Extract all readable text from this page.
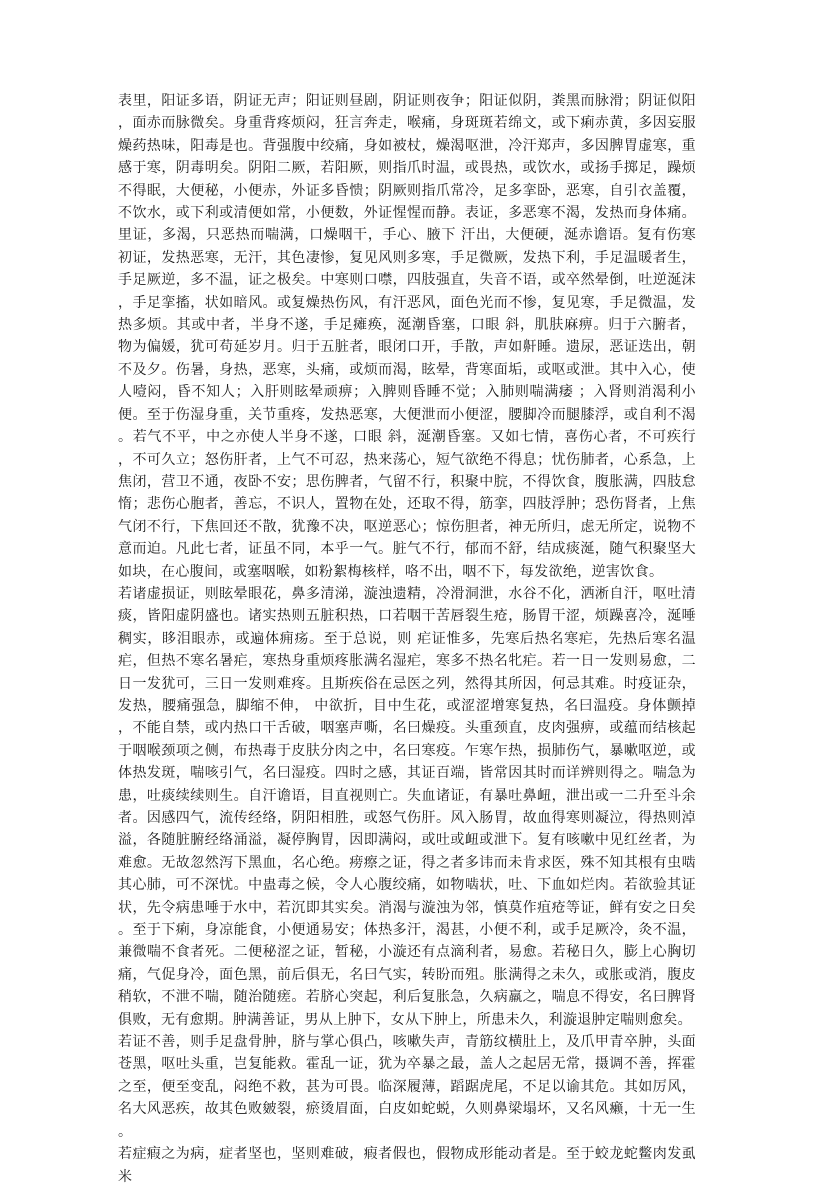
表里，阳证多语，阴证无声；阳证则昼剧，阴证则夜争；阳证似阴，粪黑而脉滑；阴证似阳，面赤而脉微矣。身重背疼烦闷，狂言奔走，喉痛，身斑斑若绵文，或下痢赤黄，多因妄服燥药热味，阳毒是也。背强腹中绞痛，身如被杖，燥渴呕泄，冷汗郑声，多因脾胃虚寒，重感于寒，阴毒明矣。阴阳二厥，若阳厥，则指爪时温，或畏热，或饮水，或扬手掷足，躁烦不得眠，大便秘，小便赤，外证多昏愦；阴厥则指爪常冷，足多挛卧，恶寒，自引衣盖覆，不饮水，或下利或清便如常，小便数，外证惺惺而静。表证，多恶寒不渴，发热而身体痛。里证，多渴，只恶热而喘满，口燥咽干，手心、腋下 汗出，大便硬，涎赤谵语。复有伤寒初证，发热恶寒，无汗，其色凄惨，复见风则多寒，手足微厥，发热下利，手足温暖者生，手足厥逆，多不温，证之极矣。中寒则口噤，四肢强直，失音不语，或卒然晕倒，吐逆涎沫，手足挛搐，状如暗风。或复燥热伤风，有汗恶风，面色光而不惨，复见寒，手足微温，发热多烦。其或中者，半身不遂，手足瘫痪，涎潮昏塞，口眼 斜，肌肤麻痹。归于六腑者，物为偏媛，犹可苟延岁月。归于五脏者，眼闭口开，手散，声如鼾睡。遗尿，恶证迭出，朝不及夕。伤暑，身热，恶寒，头痛，或烦而渴，眩晕，背寒面垢，或呕或泄。其中入心，使人噎闷，昏不知人；入肝则眩晕顽痹；入脾则昏睡不觉；入肺则喘满痿 ；入肾则消渴利小便。至于伤湿身重，关节重疼，发热恶寒，大便泄而小便涩，腰脚冷而腿膝浮，或自利不渴。若气不平，中之亦使人半身不遂，口眼 斜，涎潮昏塞。又如七情，喜伤心者，不可疾行，不可久立；怒伤肝者，上气不可忍，热来荡心，短气欲绝不得息；忧伤肺者，心系急，上焦闭，营卫不通，夜卧不安；思伤脾者，气留不行，积聚中脘，不得饮食，腹胀满，四肢怠惰；悲伤心胞者，善忘，不识人，置物在处，还取不得，筋挛，四肢浮肿；恐伤肾者，上焦气闭不行，下焦回还不散，犹豫不决，呕逆恶心；惊伤胆者，神无所归，虑无所定，说物不意而迫。凡此七者，证虽不同，本乎一气。脏气不行，郁而不舒，结成痰涎，随气积聚坚大如块，在心腹间，或塞咽喉，如粉絮梅核样，咯不出，咽不下，每发欲绝，逆害饮食。

若诸虚损证，则眩晕眼花，鼻多清涕，漩浊遗精，冷滑洞泄，水谷不化，洒淅自汗，呕吐清痰，皆阳虚阴盛也。诸实热则五脏积热，口若咽干苦唇裂生疮，肠胃干涩，烦躁喜冷，涎唾稠实，眵泪眼赤，或遍体痈疡。至于总说，则 疟证惟多，先寒后热名寒疟，先热后寒名温疟，但热不寒名暑疟，寒热身重烦疼胀满名湿疟，寒多不热名牝疟。若一日一发则易愈，二日一发犹可，三日一发则难疼。且斯疾俗在忌医之列，然得其所因，何忌其难。时疫证杂，发热，腰痛强急，脚缩不伸， 中欲折，目中生花，或涩涩增寒复热，名曰温疫。身体颤掉，不能自禁，或内热口干舌破，咽塞声嘶，名曰燥疫。头重颈直，皮肉强痹，或蕴而结核起于咽喉颈项之侧，布热毒于皮肤分肉之中，名曰寒疫。乍寒乍热，损肺伤气，暴嗽呕逆，或体热发斑，喘咳引气，名曰湿疫。四时之感，其证百端，皆常因其时而详辨则得之。喘急为患，吐痰续续则生。自汗谵语，目直视则亡。失血诸证，有暴吐鼻衄，泄出或一二升至斗余者。因感四气，流传经络，阴阳相胜，或怒气伤肝。风入肠胃，故血得寒则凝泣，得热则淖溢，各随脏腑经络涌溢，凝停胸胃，因即满闷，或吐或衄或泄下。复有咳嗽中见红丝者，为难愈。无故忽然泻下黑血，名心绝。痨瘵之证，得之者多讳而未肯求医，殊不知其根有虫啮其心肺，可不深忧。中蛊毒之候，令人心腹绞痛，如物啮状，吐、下血如烂肉。若欲验其证状，先令病患唾于水中，若沉即其实矣。消渴与漩浊为邻，慎莫作疽疮等证，鲜有安之日矣。至于下痢，身凉能食，小便通易安；体热多汗，渴甚，小便不利，或手足厥冷，灸不温，兼微喘不食者死。二便秘涩之证，暂秘，小漩还有点滴利者，易愈。若秘日久，膨上心胸切痛，气促身冷，面色黑，前后俱无，名曰气实，转盼而殂。胀满得之未久，或胀或消，腹皮稍软，不泄不喘，随治随瘥。若脐心突起，利后复胀急，久病羸之，喘息不得安，名曰脾肾俱败，无有愈期。肿满善证，男从上肿下，女从下肿上，所患未久，利漩退肿定喘则愈矣。

若证不善，则手足盘骨肿，脐与掌心俱凸，咳嗽失声，青筋纹横肚上，及爪甲青卒肿，头面苍黑，呕吐头重，岂复能救。霍乱一证，犹为卒暴之最，盖人之起居无常，摄调不善，挥霍之至，便至变乱，闷绝不救，甚为可畏。临深履薄，蹈踞虎尾，不足以谕其危。其如厉风，名大风恶疾，故其色败皴裂，瘀烫眉面，白皮如蛇蜕，久则鼻梁塌坏，又名风癞，十无一生。

若症瘕之为病，症者坚也，坚则难破，瘕者假也，假物成形能动者是。至于蛟龙蛇鳖肉发虱米
